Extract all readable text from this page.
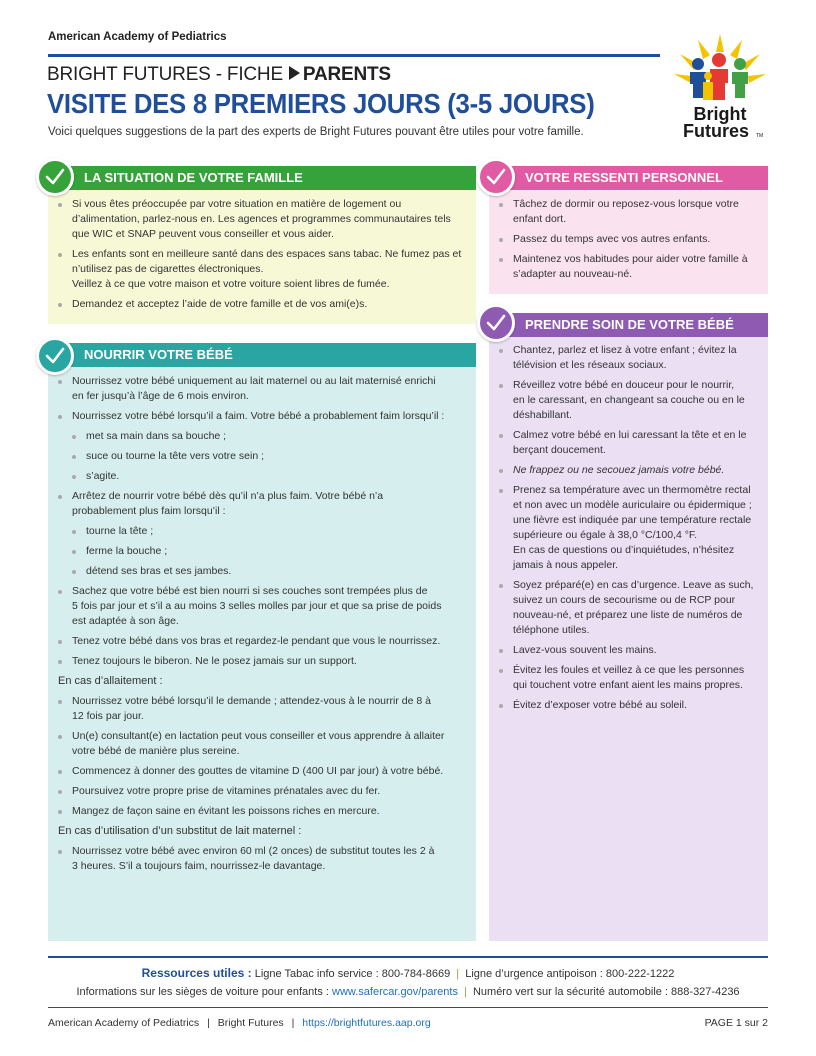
American Academy of Pediatrics
BRIGHT FUTURES - FICHE PARENTS
VISITE DES 8 PREMIERS JOURS (3-5 JOURS)
Voici quelques suggestions de la part des experts de Bright Futures pouvant être utiles pour votre famille.
Bright
Futures TM
LA SITUATION DE VOTRE FAMILLE
NOURRIR VOTRE BÉBÉ
VOTRE RESSENTI PERSONNEL
PRENDRE SOIN DE VOTRE BÉBÉ
Si vous êtes préoccupée par votre situation en matière de logement ou
d’alimentation, parlez-nous en. Les agences et programmes communautaires tels
que WIC et SNAP peuvent vous conseiller et vous aider.
Les enfants sont en meilleure santé dans des espaces sans tabac. Ne fumez pas et
n’utilisez pas de cigarettes électroniques.
Veillez à ce que votre maison et votre voiture soient libres de fumée.
Demandez et acceptez l’aide de votre famille et de vos ami(e)s.
Nourrissez votre bébé uniquement au lait maternel ou au lait maternisé enrichi
en fer jusqu’à l’âge de 6 mois environ.
Nourrissez votre bébé lorsqu’il a faim. Votre bébé a probablement faim lorsqu’il :
met sa main dans sa bouche ;
suce ou tourne la tête vers votre sein ;
s’agite.
Arrêtez de nourrir votre bébé dès qu’il n’a plus faim. Votre bébé n’a
probablement plus faim lorsqu’il :
tourne la tête ;
ferme la bouche ;
détend ses bras et ses jambes.
Sachez que votre bébé est bien nourri si ses couches sont trempées plus de
5 fois par jour et s’il a au moins 3 selles molles par jour et que sa prise de poids
est adaptée à son âge.
Tenez votre bébé dans vos bras et regardez-le pendant que vous le nourrissez.
Tenez toujours le biberon. Ne le posez jamais sur un support.
En cas d’allaitement :
Nourrissez votre bébé lorsqu’il le demande ; attendez-vous à le nourrir de 8 à
12 fois par jour.
Un(e) consultant(e) en lactation peut vous conseiller et vous apprendre à allaiter
votre bébé de manière plus sereine.
Commencez à donner des gouttes de vitamine D (400 UI par jour) à votre bébé.
Poursuivez votre propre prise de vitamines prénatales avec du fer.
Mangez de façon saine en évitant les poissons riches en mercure.
En cas d’utilisation d’un substitut de lait maternel :
Nourrissez votre bébé avec environ 60 ml (2 onces) de substitut toutes les 2 à
3 heures. S’il a toujours faim, nourrissez-le davantage.
Tâchez de dormir ou reposez-vous lorsque votre
enfant dort.
Passez du temps avec vos autres enfants.
Maintenez vos habitudes pour aider votre famille à
s’adapter au nouveau-né.
Chantez, parlez et lisez à votre enfant ; évitez la
télévision et les réseaux sociaux.
Réveillez votre bébé en douceur pour le nourrir,
en le caressant, en changeant sa couche ou en le
déshabillant.
Calmez votre bébé en lui caressant la tête et en le
berçant doucement.
Ne frappez ou ne secouez jamais votre bébé.
Prenez sa température avec un thermomètre rectal
et non avec un modèle auriculaire ou épidermique ;
une fièvre est indiquée par une température rectale
supérieure ou égale à 38,0 °C/100,4 °F.
En cas de questions ou d’inquiétudes, n’hésitez
jamais à nous appeler.
Soyez préparé(e) en cas d’urgence. Leave as such,
suivez un cours de secourisme ou de RCP pour
nouveau-né, et préparez une liste de numéros de
téléphone utiles.
Lavez-vous souvent les mains.
Évitez les foules et veillez à ce que les personnes
qui touchent votre enfant aient les mains propres.
Évitez d’exposer votre bébé au soleil.
Ressources utiles : Ligne Tabac info service : 800-784-8669 | Ligne d’urgence antipoison : 800-222-1222
Informations sur les sièges de voiture pour enfants : www.safercar.gov/parents | Numéro vert sur la sécurité automobile : 888-327-4236
American Academy of Pediatrics | Bright Futures | https://brightfutures.aap.org	PAGE 1 sur 2
